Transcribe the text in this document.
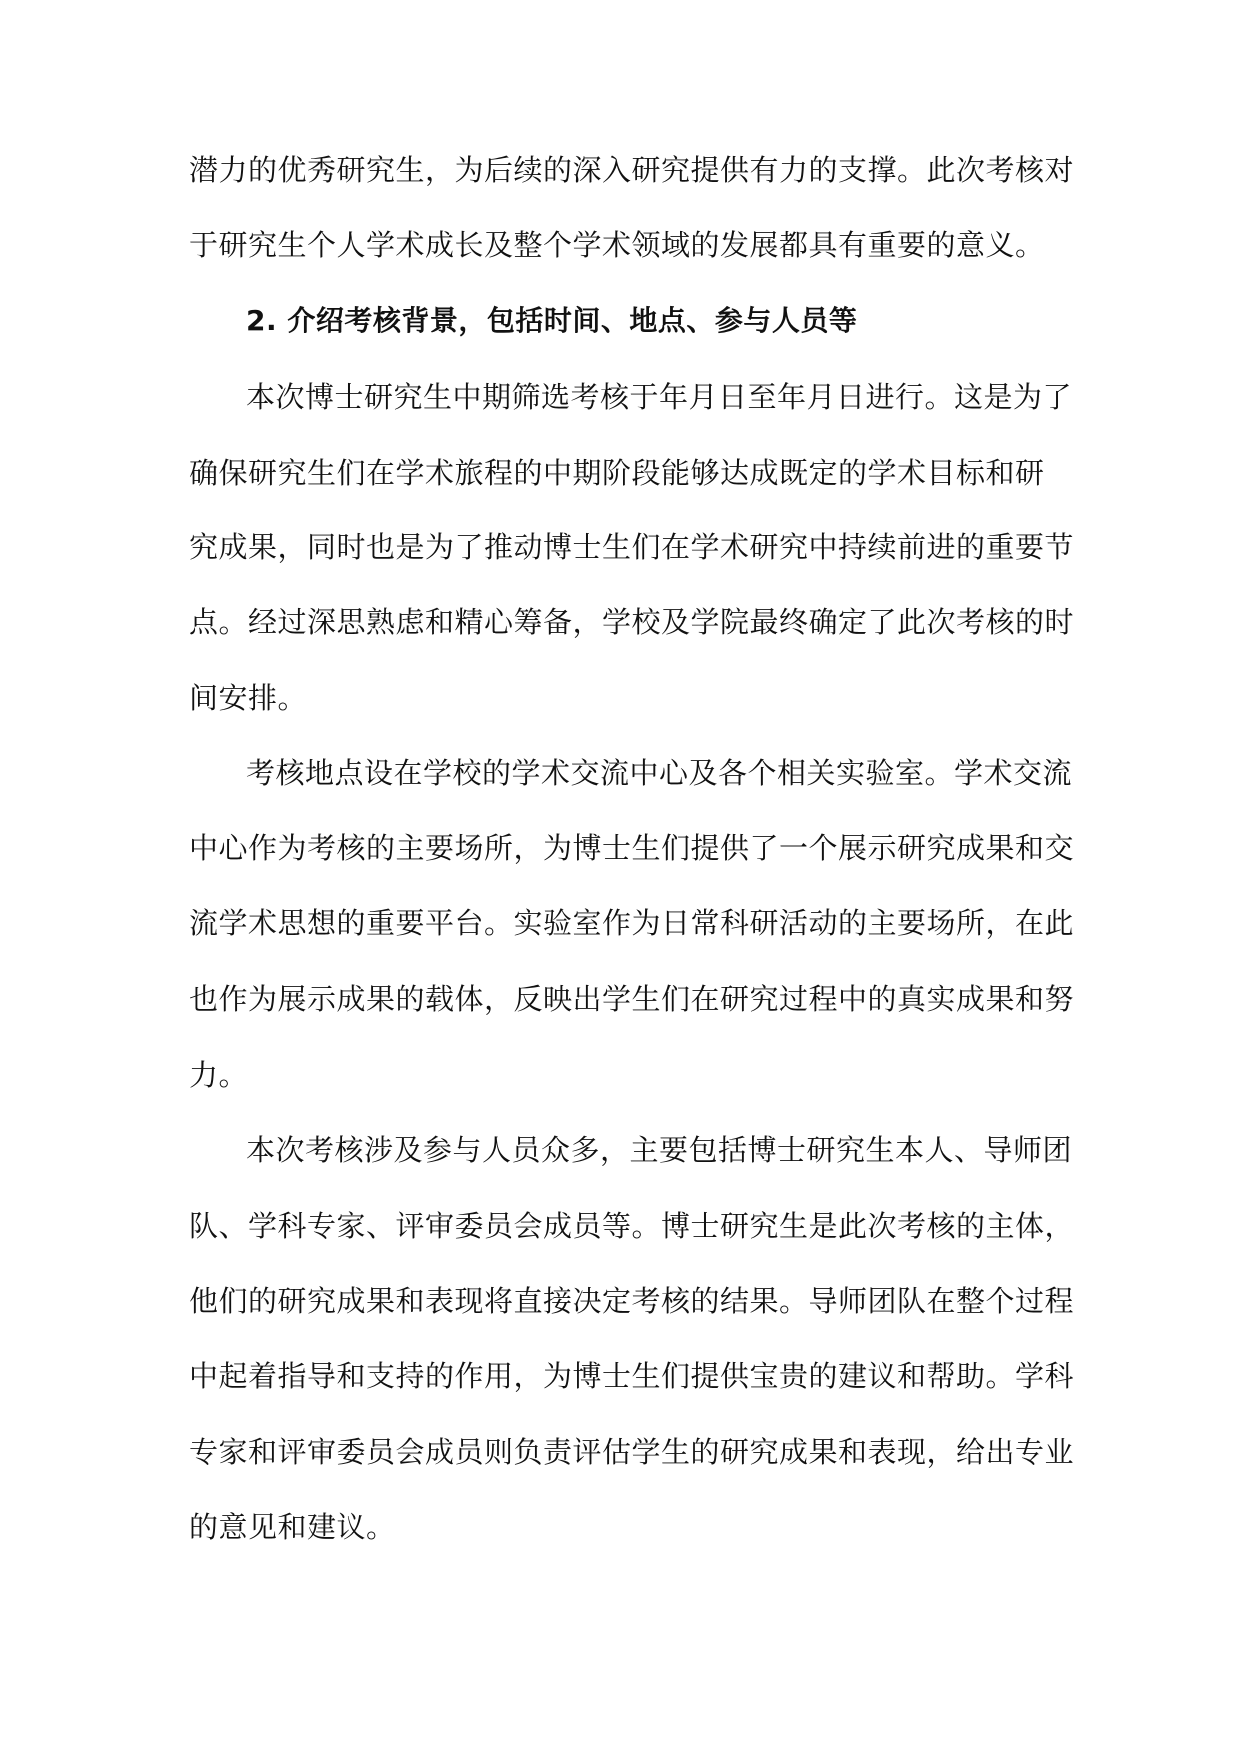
潜力的优秀研究生，为后续的深入研究提供有力的支撑。此次考核对
于研究生个人学术成长及整个学术领域的发展都具有重要的意义。
2. 介绍考核背景，包括时间、地点、参与人员等
本次博士研究生中期筛选考核于年月日至年月日进行。这是为了
确保研究生们在学术旅程的中期阶段能够达成既定的学术目标和研
究成果，同时也是为了推动博士生们在学术研究中持续前进的重要节
点。经过深思熟虑和精心筹备，学校及学院最终确定了此次考核的时
间安排。
考核地点设在学校的学术交流中心及各个相关实验室。学术交流
中心作为考核的主要场所，为博士生们提供了一个展示研究成果和交
流学术思想的重要平台。实验室作为日常科研活动的主要场所，在此
也作为展示成果的载体，反映出学生们在研究过程中的真实成果和努
力。
本次考核涉及参与人员众多，主要包括博士研究生本人、导师团
队、学科专家、评审委员会成员等。博士研究生是此次考核的主体，
他们的研究成果和表现将直接决定考核的结果。导师团队在整个过程
中起着指导和支持的作用，为博士生们提供宝贵的建议和帮助。学科
专家和评审委员会成员则负责评估学生的研究成果和表现，给出专业
的意见和建议。
